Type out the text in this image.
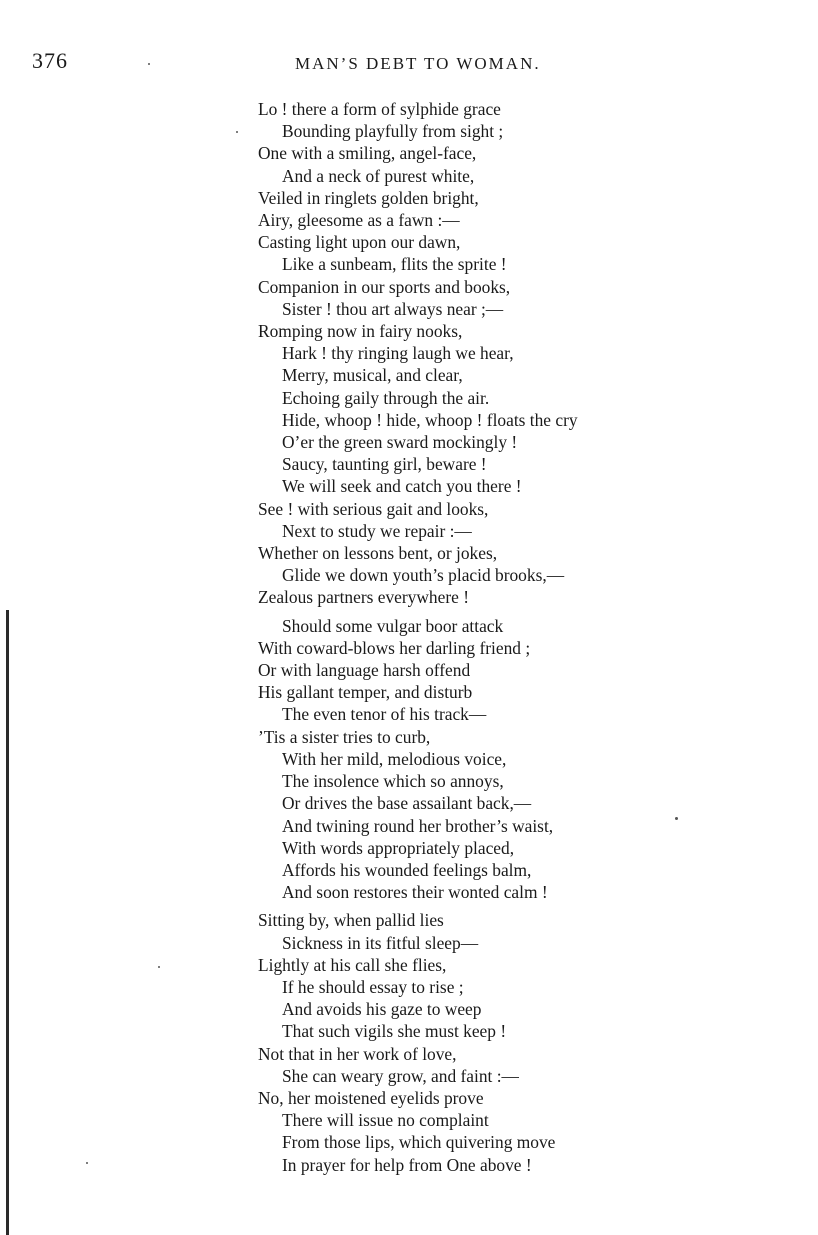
376	MAN’S DEBT TO WOMAN.
Lo ! there a form of sylphide grace
Bounding playfully from sight ;
One with a smiling, angel-face,
And a neck of purest white,
Veiled in ringlets golden bright,
Airy, gleesome as a fawn :—
Casting light upon our dawn,
Like a sunbeam, flits the sprite !
Companion in our sports and books,
Sister ! thou art always near ;—
Romping now in fairy nooks,
Hark ! thy ringing laugh we hear,
Merry, musical, and clear,
Echoing gaily through the air.
Hide, whoop ! hide, whoop ! floats the cry
O’er the green sward mockingly !
Saucy, taunting girl, beware !
We will seek and catch you there !
See ! with serious gait and looks,
Next to study we repair :—
Whether on lessons bent, or jokes,
Glide we down youth’s placid brooks,—
Zealous partners everywhere !
Should some vulgar boor attack
With coward-blows her darling friend ;
Or with language harsh offend
His gallant temper, and disturb
The even tenor of his track—
’Tis a sister tries to curb,
With her mild, melodious voice,
The insolence which so annoys,
Or drives the base assailant back,—
And twining round her brother’s waist,
With words appropriately placed,
Affords his wounded feelings balm,
And soon restores their wonted calm !
Sitting by, when pallid lies
Sickness in its fitful sleep—
Lightly at his call she flies,
If he should essay to rise ;
And avoids his gaze to weep
That such vigils she must keep !
Not that in her work of love,
She can weary grow, and faint :—
No, her moistened eyelids prove
There will issue no complaint
From those lips, which quivering move
In prayer for help from One above !
